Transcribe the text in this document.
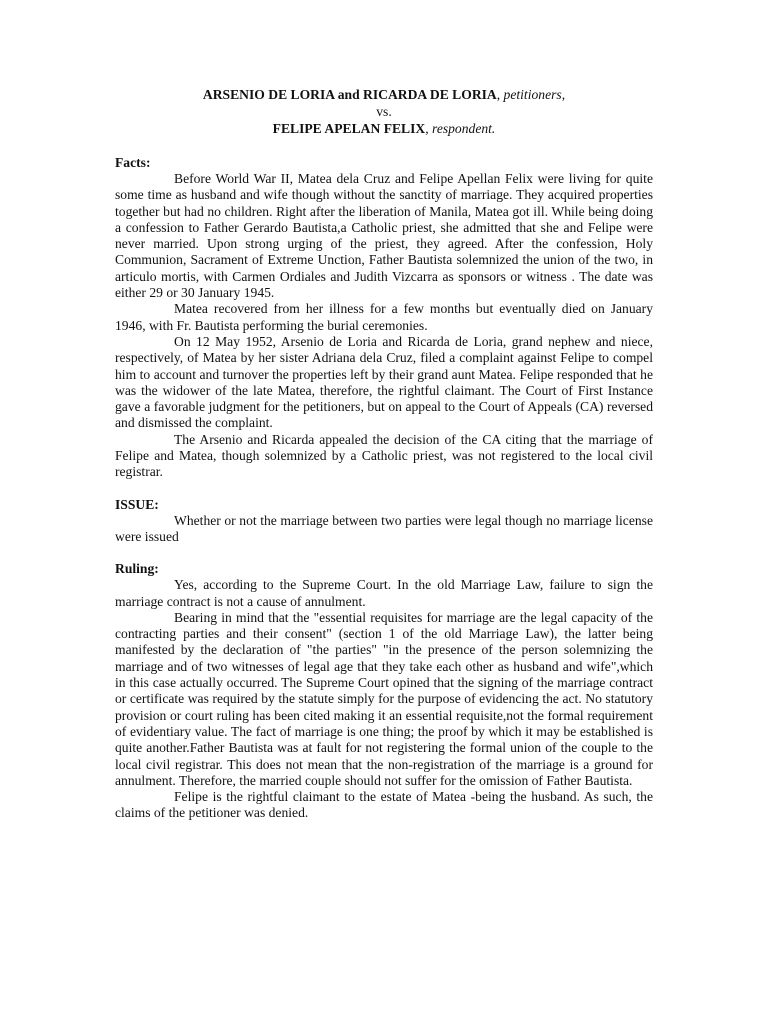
ARSENIO DE LORIA and RICARDA DE LORIA, petitioners,
vs.
FELIPE APELAN FELIX, respondent.

Facts:

Before World War II, Matea dela Cruz and Felipe Apellan Felix were living for quite some time as husband and wife though without the sanctity of marriage. They acquired properties together but had no children. Right after the liberation of Manila, Matea got ill. While being doing a confession to Father Gerardo Bautista,a Catholic priest, she admitted that she and Felipe were never married. Upon strong urging of the priest, they agreed. After the confession, Holy Communion, Sacrament of Extreme Unction, Father Bautista solemnized the union of the two, in articulo mortis, with Carmen Ordiales and Judith Vizcarra as sponsors or witness . The date was either 29 or 30 January 1945.

Matea recovered from her illness for a few months but eventually died on January 1946, with Fr. Bautista performing the burial ceremonies.

On 12 May 1952, Arsenio de Loria and Ricarda de Loria, grand nephew and niece, respectively, of Matea by her sister Adriana dela Cruz, filed a complaint against Felipe to compel him to account and turnover the properties left by their grand aunt Matea. Felipe responded that he was the widower of the late Matea, therefore, the rightful claimant. The Court of First Instance gave a favorable judgment for the petitioners, but on appeal to the Court of Appeals (CA) reversed and dismissed the complaint.

The Arsenio and Ricarda appealed the decision of the CA citing that the marriage of Felipe and Matea, though solemnized by a Catholic priest, was not registered to the local civil registrar.

ISSUE:

Whether or not the marriage between two parties were legal though no marriage license were issued

Ruling:

Yes, according to the Supreme Court. In the old Marriage Law, failure to sign the marriage contract is not a cause of annulment.

Bearing in mind that the "essential requisites for marriage are the legal capacity of the contracting parties and their consent" (section 1 of the old Marriage Law), the latter being manifested by the declaration of "the parties" "in the presence of the person solemnizing the marriage and of two witnesses of legal age that they take each other as husband and wife",which in this case actually occurred. The Supreme Court opined that the signing of the marriage contract or certificate was required by the statute simply for the purpose of evidencing the act. No statutory provision or court ruling has been cited making it an essential requisite,not the formal requirement of evidentiary value. The fact of marriage is one thing; the proof by which it may be established is quite another.Father Bautista was at fault for not registering the formal union of the couple to the local civil registrar. This does not mean that the non-registration of the marriage is a ground for annulment. Therefore, the married couple should not suffer for the omission of Father Bautista.

Felipe is the rightful claimant to the estate of Matea -being the husband. As such, the claims of the petitioner was denied.
